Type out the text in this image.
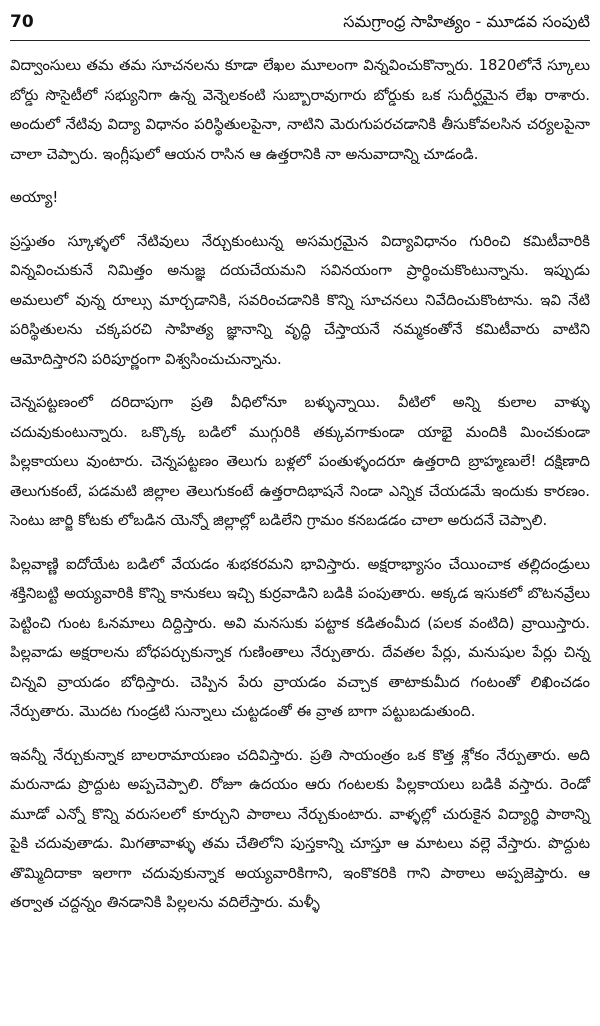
70	సమగ్రాంధ్ర సాహిత్యం - మూడవ సంపుటి

విద్వాంసులు తమ తమ సూచనలను కూడా లేఖల మూలంగా విన్నవించుకొన్నారు. 1820లోనే స్కూలు బోర్డు సొసైటీలో సభ్యునిగా ఉన్న వెన్నెలకంటి సుబ్బారావుగారు బోర్డుకు ఒక సుదీర్ఘమైన లేఖ రాశారు. అందులో నేటివు విద్యా విధానం పరిస్థితులపైనా, నాటిని మెరుగుపరచడానికి తీసుకోవలసిన చర్యలపైనా చాలా చెప్పారు. ఇంగ్లీషులో ఆయన రాసిన ఆ ఉత్తరానికి నా అనువాదాన్ని చూడండి.

అయ్యా!

ప్రస్తుతం స్కూళ్ళలో నేటివులు నేర్చుకుంటున్న అసమగ్రమైన విద్యావిధానం గురించి కమిటీవారికి విన్నవించుకునే నిమిత్తం అనుజ్ఞ దయచేయమని సవినయంగా ప్రార్థించుకొంటున్నాను. ఇప్పుడు అమలులో వున్న రూల్సు మార్చడానికి, సవరించడానికి కొన్ని సూచనలు నివేదించుకొంటాను. ఇవి నేటి పరిస్థితులను చక్కపరచి సాహిత్య జ్ఞానాన్ని వృద్ధి చేస్తాయనే నమ్మకంతోనే కమిటీవారు వాటిని ఆమోదిస్తారని పరిపూర్ణంగా విశ్వసించుచున్నాను.

చెన్నపట్టణంలో దరిదాపుగా ప్రతి వీధిలోనూ బళ్ళున్నాయి. వీటిలో అన్ని కులాల వాళ్ళు చదువుకుంటున్నారు. ఒక్కొక్క బడిలో ముగ్గురికి తక్కువగాకుండా యాభై మందికి మించకుండా పిల్లకాయలు వుంటారు. చెన్నపట్టణం తెలుగు బళ్లలో పంతుళ్ళందరూ ఉత్తరాది బ్రాహ్మణులే! దక్షిణాది తెలుగుకంటే, పడమటి జిల్లాల తెలుగుకంటే ఉత్తరాదిభాషనే నిండా ఎన్నిక చేయడమే ఇందుకు కారణం. సెంటు జార్జి కోటకు లోబడిన యెన్నో జిల్లాల్లో బడిలేని గ్రామం కనబడడం చాలా అరుదనే చెప్పాలి.

పిల్లవాణ్ణి ఐదోయేట బడిలో వేయడం శుభకరమని భావిస్తారు. అక్షరాభ్యాసం చేయించాక తల్లిదండ్రులు శక్తినిబట్టి అయ్యవారికి కొన్ని కానుకలు ఇచ్చి కుర్రవాడిని బడికి పంపుతారు. అక్కడ ఇసుకలో బొటనవ్రేలు పెట్టించి గుంట ఓనమాలు దిద్దిస్తారు. అవి మనసుకు పట్టాక కడితంమీద (పలక వంటిది) వ్రాయిస్తారు. పిల్లవాడు అక్షరాలను బోధపర్చుకున్నాక గుణింతాలు నేర్పుతారు. దేవతల పేర్లు, మనుషుల పేర్లు చిన్న చిన్నవి వ్రాయడం బోధిస్తారు. చెప్పిన పేరు వ్రాయడం వచ్చాక తాటాకుమీద గంటంతో లిఖించడం నేర్పుతారు. మొదట గుండ్రటి సున్నాలు చుట్టడంతో ఈ వ్రాత బాగా పట్టుబడుతుంది.

ఇవన్నీ నేర్చుకున్నాక బాలరామాయణం చదివిస్తారు. ప్రతి సాయంత్రం ఒక కొత్త శ్లోకం నేర్పుతారు. అది మరునాడు ప్రొద్దుట అప్పచెప్పాలి. రోజూ ఉదయం ఆరు గంటలకు పిల్లకాయలు బడికి వస్తారు. రెండో మూడో ఎన్నో కొన్ని వరుసలలో కూర్చుని పాఠాలు నేర్చుకుంటారు. వాళ్ళల్లో చురుకైన విద్యార్థి పాఠాన్ని పైకి చదువుతాడు. మిగతావాళ్ళు తమ చేతిలోని పుస్తకాన్ని చూస్తూ ఆ మాటలు వల్లె వేస్తారు. పొద్దుట తొమ్మిదిదాకా ఇలాగా చదువుకున్నాక అయ్యవారికిగాని, ఇంకొకరికి గాని పాఠాలు అప్పజెప్తారు. ఆ తర్వాత చద్దన్నం తినడానికి పిల్లలను వదిలేస్తారు. మళ్ళీ
